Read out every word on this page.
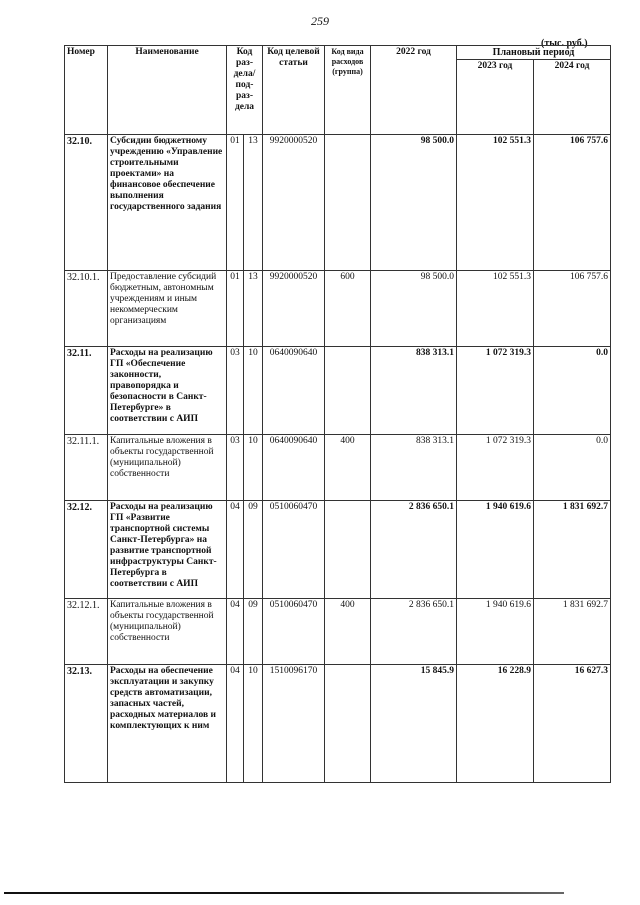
259
(тыс. руб.)
Номер	Наименование	Код раз-дела/ под-раз-дела		Код целевой статьи	Код вида расходов (группа)	2022 год	Плановый период	
							2023 год	2024 год
32.10.	Субсидии бюджетному учреждению «Управление строительными проектами» на финансовое обеспечение выполнения государственного задания	01	13	9920000520		98 500.0	102 551.3	106 757.6
32.10.1.	Предоставление субсидий бюджетным, автономным учреждениям и иным некоммерческим организациям	01	13	9920000520	600	98 500.0	102 551.3	106 757.6
32.11.	Расходы на реализацию ГП «Обеспечение законности, правопорядка и безопасности в Санкт-Петербурге» в соответствии с АИП	03	10	0640090640		838 313.1	1 072 319.3	0.0
32.11.1.	Капитальные вложения в объекты государственной (муниципальной) собственности	03	10	0640090640	400	838 313.1	1 072 319.3	0.0
32.12.	Расходы на реализацию ГП «Развитие транспортной системы Санкт-Петербурга» на развитие транспортной инфраструктуры Санкт-Петербурга в соответствии с АИП	04	09	0510060470		2 836 650.1	1 940 619.6	1 831 692.7
32.12.1.	Капитальные вложения в объекты государственной (муниципальной) собственности	04	09	0510060470	400	2 836 650.1	1 940 619.6	1 831 692.7
32.13.	Расходы на обеспечение эксплуатации и закупку средств автоматизации, запасных частей, расходных материалов и комплектующих к ним	04	10	1510096170		15 845.9	16 228.9	16 627.3
